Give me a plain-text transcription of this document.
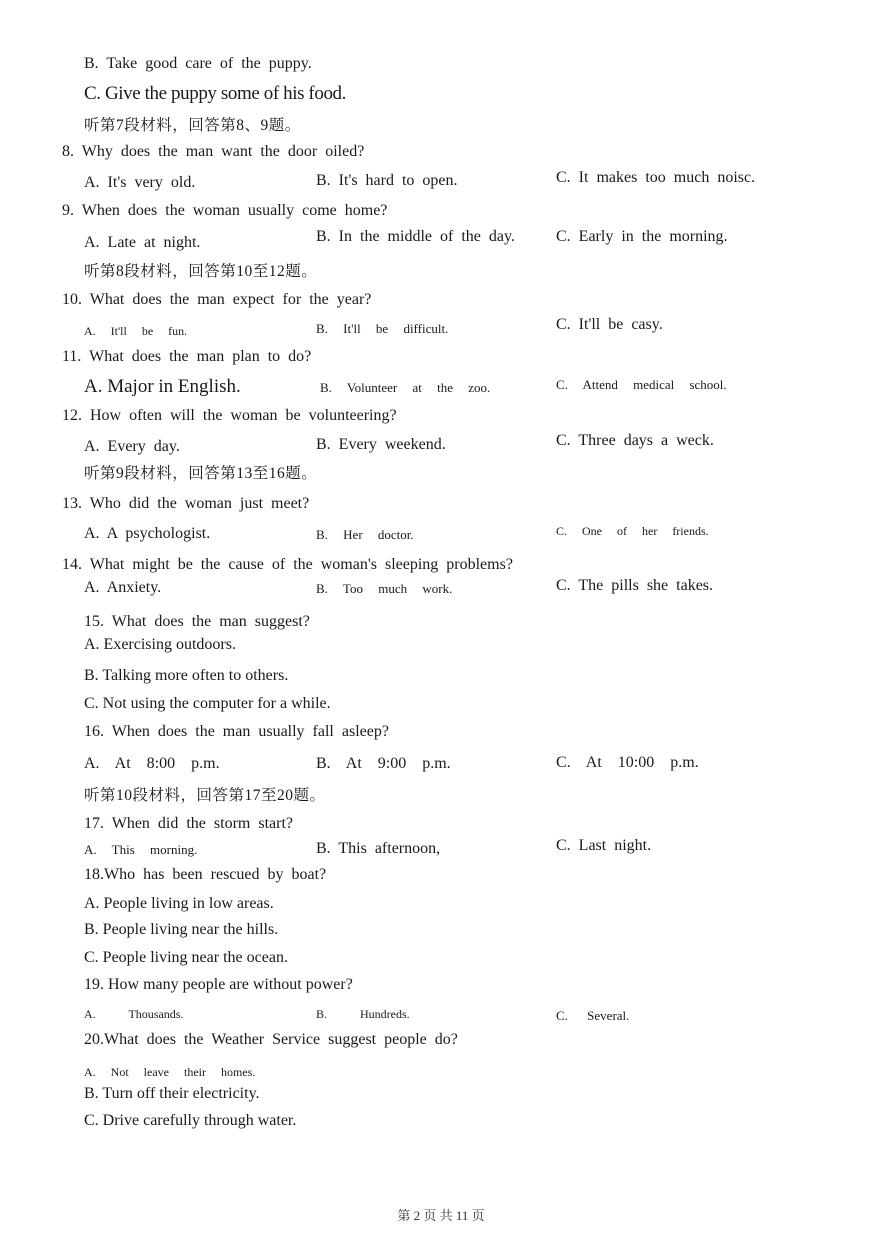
B. Take good care of the puppy.
C. Give the puppy some of his food.
听第7段材料，回答第8、9题。
8. Why does the man want the door oiled?
A. It's very old.	B. It's hard to open.	C. It makes too much noisc.
9. When does the woman usually come home?
A. Late at night.	B. In the middle of the day.	C. Early in the morning.
听第8段材料，回答第10至12题。
10. What does the man expect for the year?
A. It'll be fun.	B. It'll be difficult.	C. It'll be casy.
11. What does the man plan to do?
A. Major in English.	B. Volunteer at the zoo.	C. Attend medical school.
12. How often will the woman be volunteering?
A. Every day.	B. Every weekend.	C. Three days a weck.
听第9段材料，回答第13至16题。
13. Who did the woman just meet?
A. A psychologist.	B. Her doctor.	C. One of her friends.
14. What might be the cause of the woman's sleeping problems?
A. Anxiety.	B. Too much work.	C. The pills she takes.
15. What does the man suggest?
A. Exercising outdoors.
B. Talking more often to others.
C. Not using the computer for a while.
16. When does the man usually fall asleep?
A. At 8:00 p.m.	B. At 9:00 p.m.	C. At 10:00 p.m.
听第10段材料，回答第17至20题。
17. When did the storm start?
A. This morning.	B. This afternoon,	C. Last night.
18.Who has been rescued by boat?
A. People living in low areas.
B. People living near the hills.
C. People living near the ocean.
19. How many people are without power?
A. Thousands.	B. Hundreds.	C. Several.
20.What does the Weather Service suggest people do?
A. Not leave their homes.
B. Turn off their electricity.
C. Drive carefully through water.
第 2 页 共 11 页
